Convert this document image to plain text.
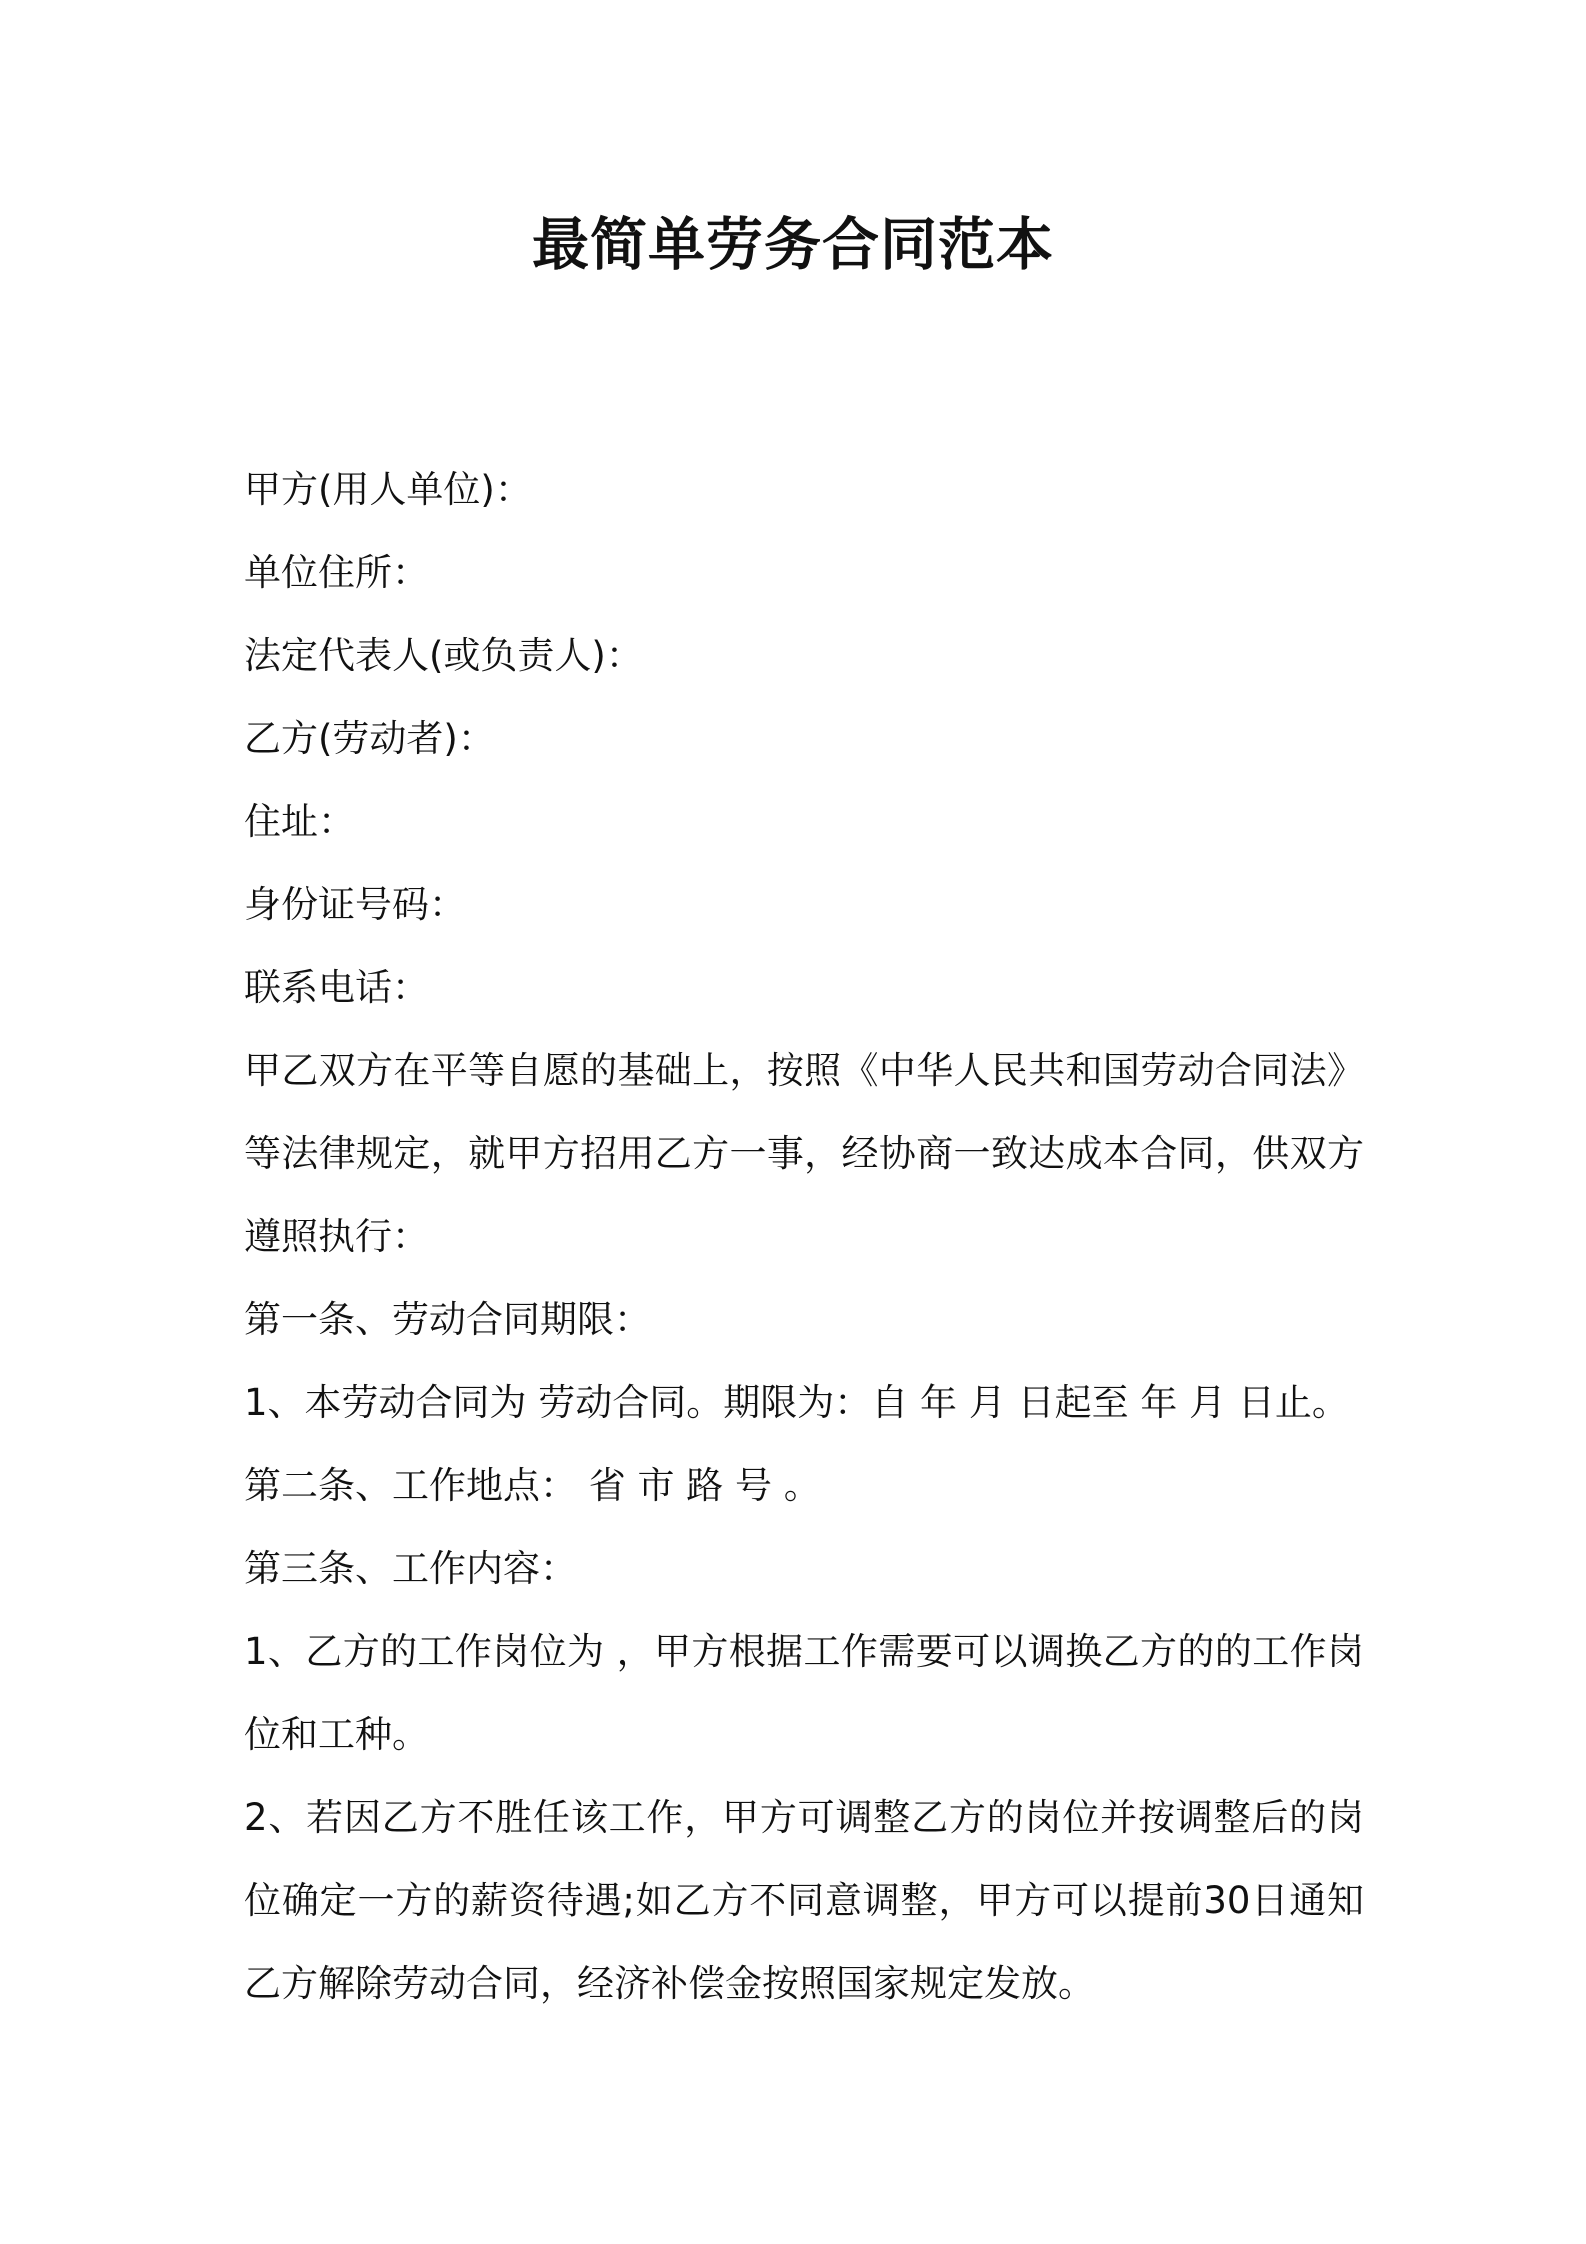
最简单劳务合同范本
甲方(用人单位)：
单位住所：
法定代表人(或负责人)：
乙方(劳动者)：
住址：
身份证号码：
联系电话：
甲乙双方在平等自愿的基础上，按照《中华人民共和国劳动合同法》等法律规定，就甲方招用乙方一事，经协商一致达成本合同，供双方遵照执行：
第一条、劳动合同期限：
1、本劳动合同为 劳动合同。期限为：自 年 月 日起至 年 月 日止。
第二条、工作地点： 省 市 路 号 。
第三条、工作内容：
1、乙方的工作岗位为 ，甲方根据工作需要可以调换乙方的的工作岗位和工种。
2、若因乙方不胜任该工作，甲方可调整乙方的岗位并按调整后的岗位确定一方的薪资待遇;如乙方不同意调整，甲方可以提前30日通知乙方解除劳动合同，经济补偿金按照国家规定发放。
